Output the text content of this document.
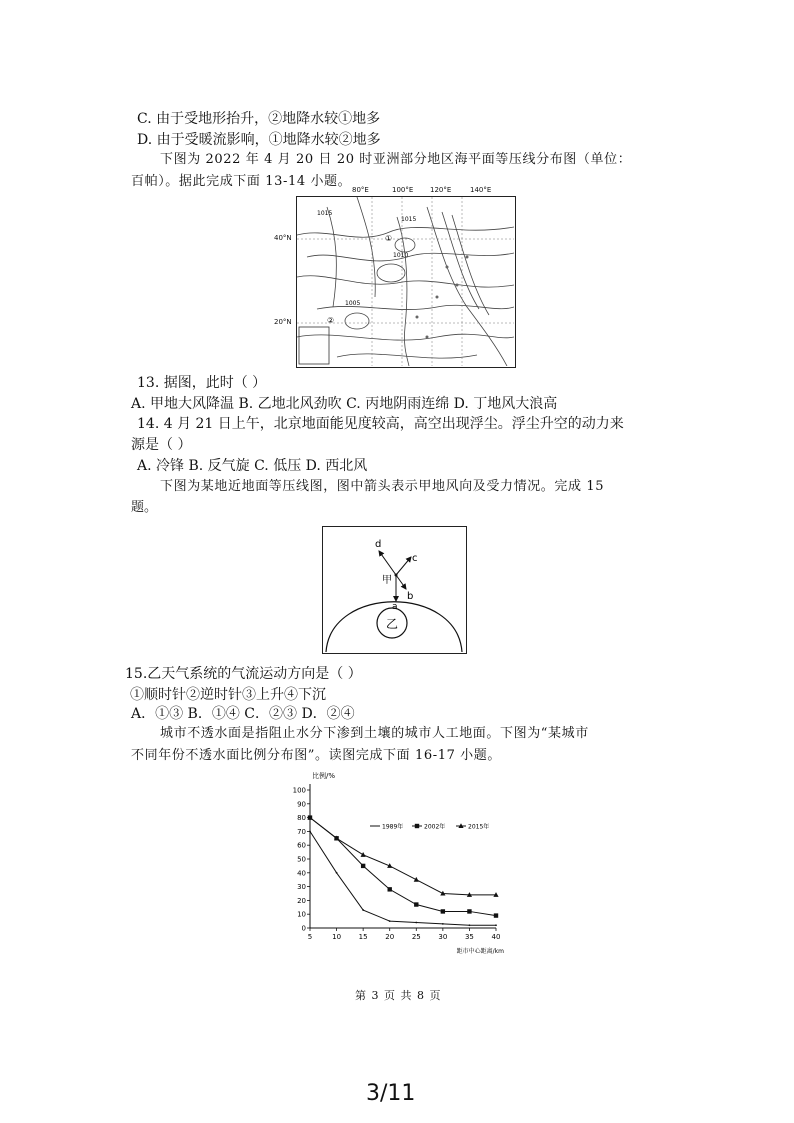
C. 由于受地形抬升，②地降水较①地多
D. 由于受暖流影响，①地降水较②地多
下图为 2022 年 4 月 20 日 20 时亚洲部分地区海平面等压线分布图（单位：
百帕）。据此完成下面 13-14 小题。
1015
1010
1015
1005
①
②
80°E	100°E 120°E	140°E
40°N
20°N
13. 据图，此时（ ）
A. 甲地大风降温 B. 乙地北风劲吹 C. 丙地阴雨连绵 D. 丁地风大浪高
14. 4 月 21 日上午，北京地面能见度较高，高空出现浮尘。浮尘升空的动力来
源是（ ）
A. 冷锋 B. 反气旋 C. 低压 D. 西北风
下图为某地近地面等压线图，图中箭头表示甲地风向及受力情况。完成 15
题。
d
c
甲
b
a
乙
15.乙天气系统的气流运动方向是（ ）
①顺时针②逆时针③上升④下沉
A．①③ B．①④ C．②③ D．②④
城市不透水面是指阻止水分下渗到土壤的城市人工地面。下图为“某城市
不同年份不透水面比例分布图”。读图完成下面 16-17 小题。
比例/%
距市中心距离/km
0
10
20
30
40
50
60
70
80
90
100
5	10	15	20	25	30	35	40
1989年	2002年	2015年
第 3 页 共 8 页
3/11
